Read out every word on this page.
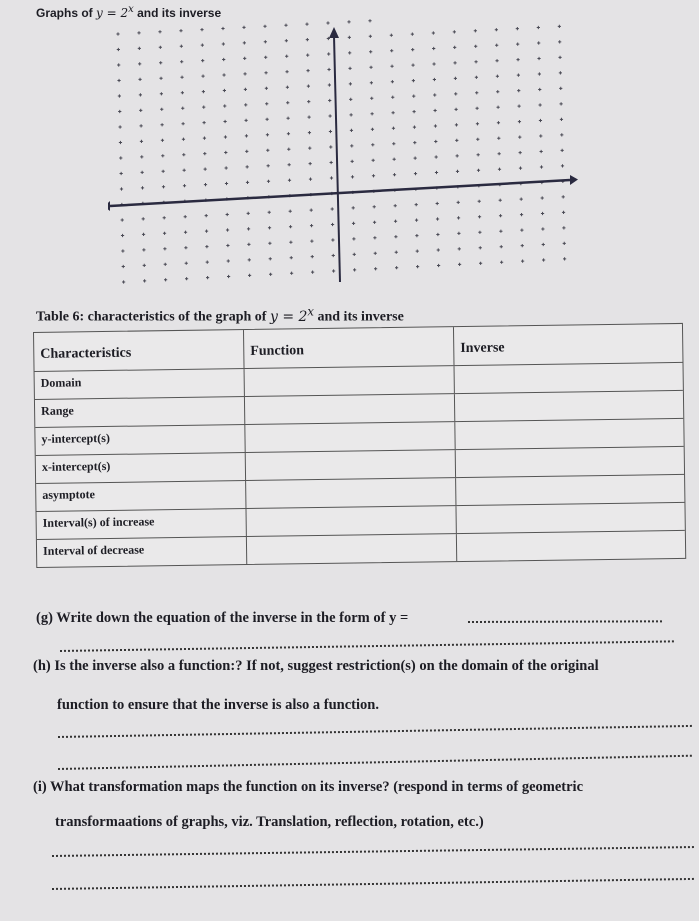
Graphs of $y = 2^x$ and its inverse
Table 6: characteristics of the graph of $y = 2^x$ and its inverse
Characteristics	Function	Inverse
Domain
Range
y-intercept(s)
x-intercept(s)
asymptote
Interval(s) of increase
Interval of decrease
(g) Write down the equation of the inverse in the form of y =
(h) Is the inverse also a function:? If not, suggest restriction(s) on the domain of the original
function to ensure that the inverse is also a function.
(i) What transformation maps the function on its inverse? (respond in terms of geometric
transformaations of graphs, viz. Translation, reflection, rotation, etc.)
